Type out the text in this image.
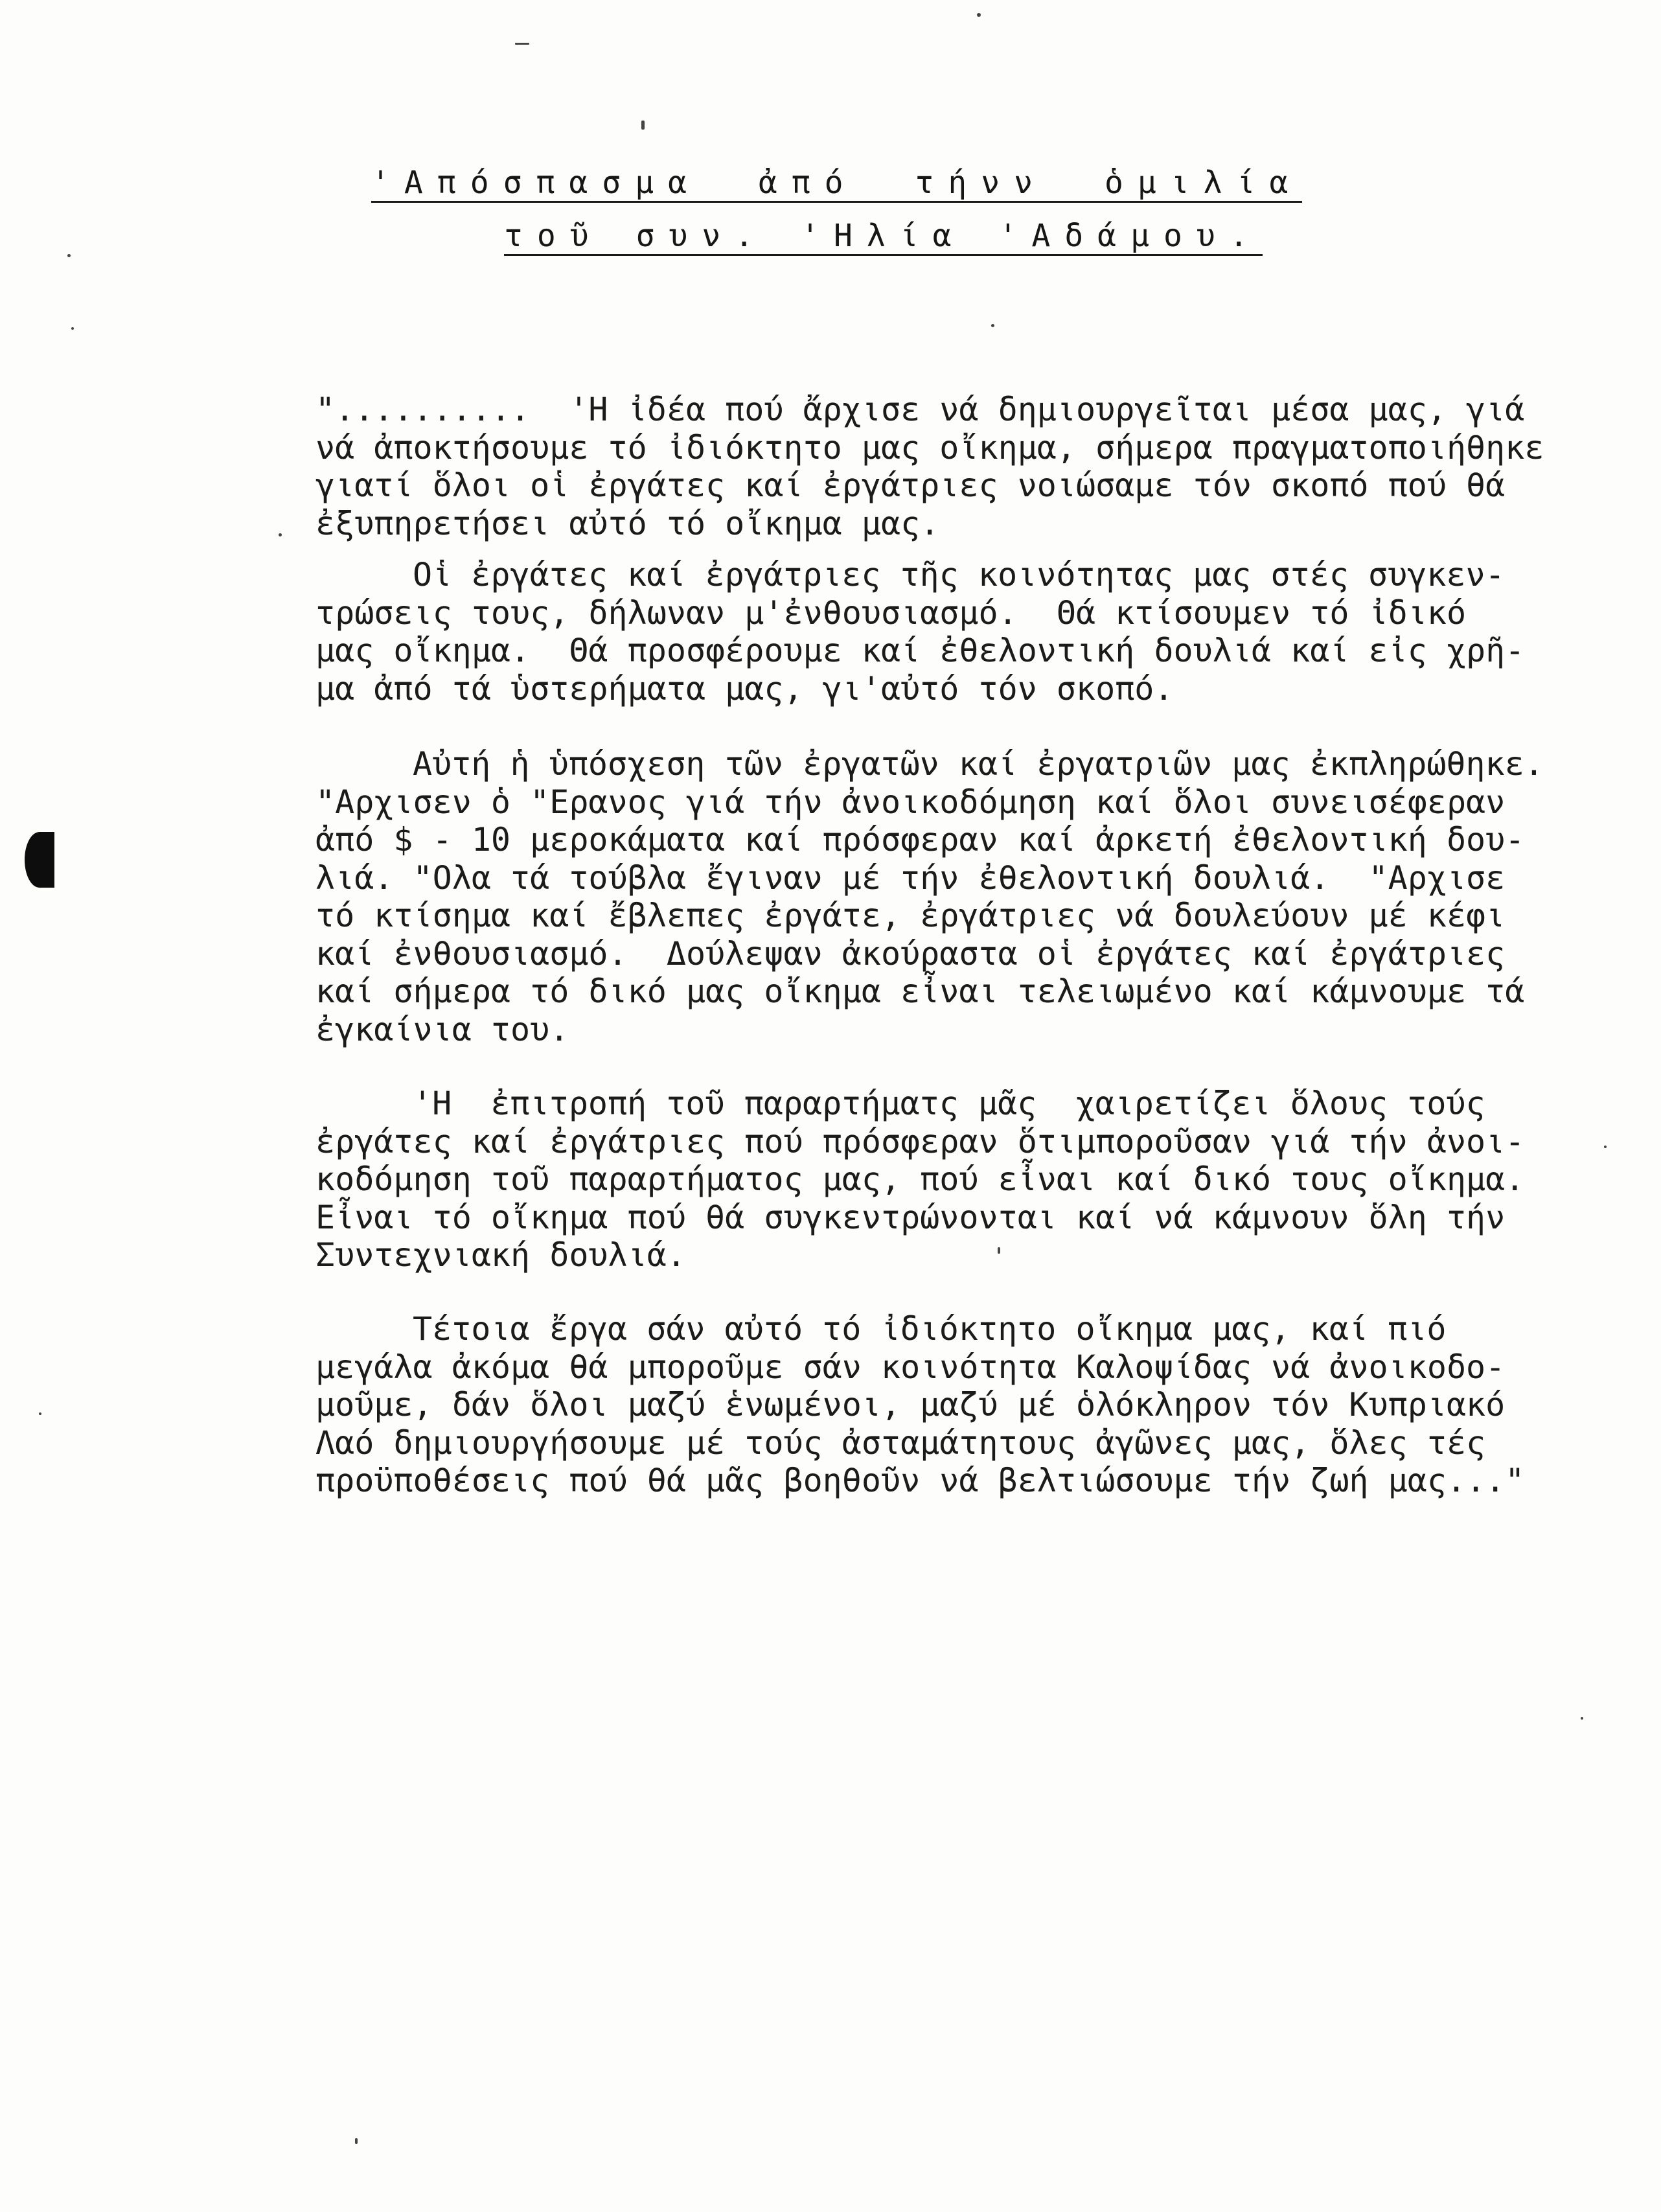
'Απόσπασμα ἀπό τήνν ὁμιλία
τοῦ συν. 'Ηλία 'Αδάμου.
"..........  'Η ἰδέα πού ἄρχισε νά δημιουργεῖται μέσα μας, γιά
νά ἀποκτήσουμε τό ἰδιόκτητο μας οἴκημα, σήμερα πραγματοποιήθηκε
γιατί ὅλοι οἱ ἐργάτες καί ἐργάτριες νοιώσαμε τόν σκοπό πού θά
ἐξυπηρετήσει αὐτό τό οἴκημα μας.
Οἱ ἐργάτες καί ἐργάτριες τῆς κοινότητας μας στές συγκεν-
τρώσεις τους, δήλωναν μ'ἐνθουσιασμό.  Θά κτίσουμεν τό ἰδικό
μας οἴκημα.  Θά προσφέρουμε καί ἐθελοντική δουλιά καί εἰς χρῆ-
μα ἀπό τά ὑστερήματα μας, γι'αὐτό τόν σκοπό.
Αὐτή ἡ ὑπόσχεση τῶν ἐργατῶν καί ἐργατριῶν μας ἐκπληρώθηκε.
"Αρχισεν ὁ "Ερανος γιά τήν ἀνοικοδόμηση καί ὅλοι συνεισέφεραν
ἀπό $ - 10 μεροκάματα καί πρόσφεραν καί ἀρκετή ἐθελοντική δου-
λιά. "Ολα τά τούβλα ἔγιναν μέ τήν ἐθελοντική δουλιά.  "Αρχισε
τό κτίσημα καί ἔβλεπες ἐργάτε, ἐργάτριες νά δουλεύουν μέ κέφι
καί ἐνθουσιασμό.  Δούλεψαν ἀκούραστα οἱ ἐργάτες καί ἐργάτριες
καί σήμερα τό δικό μας οἴκημα εἶναι τελειωμένο καί κάμνουμε τά
ἐγκαίνια του.
'Η  ἐπιτροπή τοῦ παραρτήματς μᾶς  χαιρετίζει ὅλους τούς
ἐργάτες καί ἐργάτριες πού πρόσφεραν ὅτιμποροῦσαν γιά τήν ἀνοι-
κοδόμηση τοῦ παραρτήματος μας, πού εἶναι καί δικό τους οἴκημα.
Εἶναι τό οἴκημα πού θά συγκεντρώνονται καί νά κάμνουν ὅλη τήν
Συντεχνιακή δουλιά.
Τέτοια ἔργα σάν αὐτό τό ἰδιόκτητο οἴκημα μας, καί πιό
μεγάλα ἀκόμα θά μποροῦμε σάν κοινότητα Καλοψίδας νά ἀνοικοδο-
μοῦμε, δάν ὅλοι μαζύ ἑνωμένοι, μαζύ μέ ὁλόκληρον τόν Κυπριακό
Λαό δημιουργήσουμε μέ τούς ἀσταμάτητους ἀγῶνες μας, ὅλες τές
προϋποθέσεις πού θά μᾶς βοηθοῦν νά βελτιώσουμε τήν ζωή μας..."
